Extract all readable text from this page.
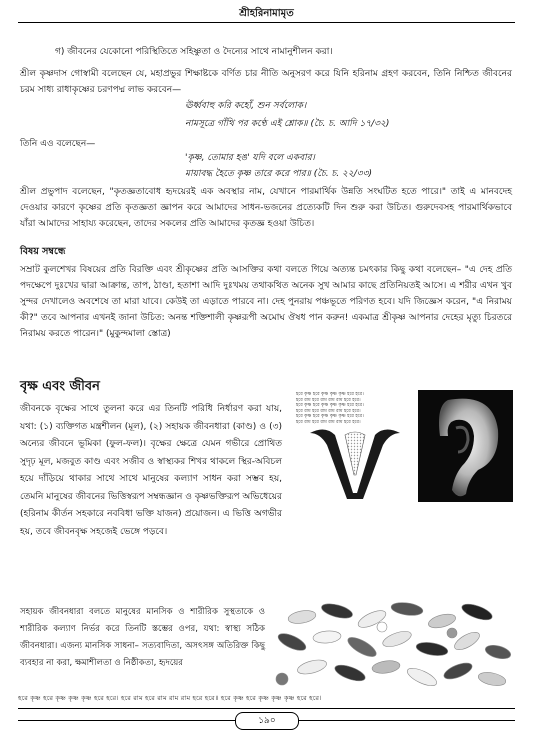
শ্রীহরিনামামৃত
গ) জীবনের যেকোনো পরিস্থিতিতে সহিষ্ণুতা ও দৈন্যের সাথে নামানুশীলন করা।
শ্রীল কৃষ্ণদাস গোস্বামী বলেছেন যে, মহাপ্রভুর শিক্ষাষ্টকে বর্ণিত চার নীতি অনুসরণ করে যিনি হরিনাম গ্রহণ করবেন, তিনি নিশ্চিত জীবনের চরম সাধ্য রাধাকৃষ্ণের চরণপদ্ম লাভ করবেন—
ঊর্ধ্ববাহু করি কহোঁ, শুন সর্বলোক।
নামসূত্রে গাঁথি পর কণ্ঠে এই শ্লোক॥ (চৈ. চ. আদি ১৭/৩২)
তিনি এও বলেছেন—
'কৃষ্ণ, তোমার হঙ' যদি বলে একবার।
মায়াবদ্ধ হৈতে কৃষ্ণ তারে করে পার॥ (চৈ. চ. ২২/৩৩)
শ্রীল প্রভুপাদ বলেছেন, "কৃতজ্ঞতাবোধ হৃদয়েরই এক অবস্থার নাম, যেখানে পারমার্থিক উন্নতি সংঘটিত হতে পারে।" তাই এ মানবদেহ দেওয়ার কারণে কৃষ্ণের প্রতি কৃতজ্ঞতা জ্ঞাপন করে আমাদের সাধন-ভজনের প্রত্যেকটি দিন শুরু করা উচিত। গুরুদেবসহ পারমার্থিকভাবে যাঁরা আমাদের সাহায্য করেছেন, তাদের সকলের প্রতি আমাদের কৃতজ্ঞ হওয়া উচিত।
বিষয় সম্বন্ধে
সম্রাট কুলশেখর বিষয়ের প্রতি বিরক্তি এবং শ্রীকৃষ্ণের প্রতি আসক্তির কথা বলতে গিয়ে অত্যন্ত চমৎকার কিছু কথা বলেছেন– "এ দেহ প্রতি পদক্ষেপে দুঃখের দ্বারা আক্রান্ত, তাপ, ঠাণ্ডা, হতাশা আদি দুঃখময় তথাকথিত অনেক সুখ আমার কাছে প্রতিনিয়তই আসে। এ শরীর এখন খুব সুন্দর দেখালেও অবশেষে তা মারা যাবে। কেউই তা এড়াতে পারবে না। দেহ পুনরায় পঞ্চভূতে পরিণত হবে। যদি জিজ্ঞেস করেন, "এ নিরাময় কী?" তবে আপনার এখনই জানা উচিত: অনন্ত শক্তিশালী কৃষ্ণরূপী অমোঘ ঔষধ পান করুন! একমাত্র শ্রীকৃষ্ণ আপনার দেহের মৃত্যু চিরতরে নিরাময় করতে পারেন।" (মুকুন্দমালা স্তোত্র)
বৃক্ষ এবং জীবন
জীবনকে বৃক্ষের সাথে তুলনা করে এর তিনটি পরিধি নির্ধারণ করা যায়, যথা: (১) ব্যক্তিগত মন্ত্রশীলন (মূল), (২) সহায়ক জীবনধারা (কাণ্ড) ও (৩) অন্যের জীবনে ভূমিকা (ফুল-ফল)। বৃক্ষের ক্ষেত্রে যেমন গভীরে প্রোথিত সুদৃঢ় মূল, মজবুত কাণ্ড এবং সজীব ও স্বাস্থ্যকর শিখর থাকলে স্থির-অবিচল হয়ে দাঁড়িয়ে থাকার সাথে সাথে মানুষের কল্যাণ সাধন করা সম্ভব হয়, তেমনি মানুষের জীবনের ভিত্তিস্বরূপ সম্বন্ধজ্ঞান ও কৃষ্ণভক্তিরূপ অভিধেয়ের (হরিনাম কীর্তন সহকারে নববিধা ভক্তি যাজন) প্রয়োজন। এ ভিত্তি অগভীর হয়, তবে জীবনবৃক্ষ সহজেই ভেঙ্গে পড়বে।
হরে কৃষ্ণ হরে কৃষ্ণ কৃষ্ণ কৃষ্ণ হরে হরে।
হরে রাম হরে রাম রাম রাম হরে হরে।
হরে কৃষ্ণ হরে কৃষ্ণ কৃষ্ণ কৃষ্ণ হরে হরে।
হরে রাম হরে রাম রাম রাম হরে হরে।
হরে কৃষ্ণ হরে কৃষ্ণ কৃষ্ণ কৃষ্ণ হরে হরে।
হরে রাম হরে রাম রাম রাম হরে হরে।
সহায়ক জীবনধারা বলতে মানুষের মানসিক ও শারীরিক সুস্থতাকে ও শারীরিক কল্যাণ নির্ভর করে তিনটি স্তম্ভের ওপর, যথা: স্বাস্থ্য সঠিক জীবনধারা। এজন্য মানসিক সাধনা– সত্যবাদিতা, অসৎসঙ্গ অতিরিক্ত কিছু ব্যবহার না করা, ক্ষমাশীলতা ও নিষ্ঠীকতা, হৃদয়ের
হরে কৃষ্ণ হরে কৃষ্ণ কৃষ্ণ কৃষ্ণ হরে হরে। হরে রাম হরে রাম রাম রাম হরে হরে॥ হরে কৃষ্ণ হরে কৃষ্ণ কৃষ্ণ কৃষ্ণ হরে হরে।
১৯০
